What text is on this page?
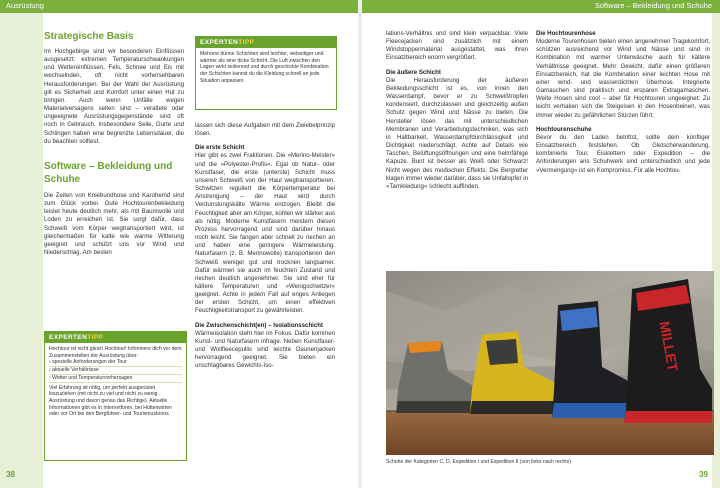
Ausrüstung
Strategische Basis

Im Hochgebirge sind wir besonderen Einflüssen ausgesetzt: extremen Temperaturschwankungen und Wettereinflüssen, Fels, Schnee und Eis mit wechselnden, oft nicht vorhersehbaren Herausforderungen. Bei der Wahl der Ausrüstung gilt es Sicherheit und Komfort unter einen Hut zu bringen. Auch wenn Unfälle wegen Materialversagens selten sind – veraltete oder ungeeignete Ausrüstungsgegenstände sind oft noch in Gebrauch. Insbesondere Seile, Gurte und Schlingen haben eine begrenzte Lebensdauer, die du beachten solltest.

Software – Bekleidung und Schuhe

Die Zeiten von Kniebundhose und Karohemd sind zum Glück vorbei. Gute Hochtourenbekleidung leistet heute deutlich mehr, als mit Baumwolle und Loden zu erreichen ist. Sie sorgt dafür, dass Schweiß vom Körper wegtransportiert wird, ist gleichermaßen für kalte wie warme Witterung geeignet und schützt uns vor Wind und Niederschlag. Am besten

EXPERTENTIPP

Mehrere dünne Schichten sind leichter, vielseitiger und wärmer als eine dicke Schicht. Die Luft zwischen den Lagen wirkt isolierend und durch geschickte Kombination der Schichten kannst du die Kleidung schnell an jede Situation anpassen.

EXPERTENTIPP

Hochtour ist nicht gleich Hochtour! Informiere dich vor dem Zusammenstellen der Ausrüstung über:

› spezielle Anforderungen der Tour

› aktuelle Verhältnisse

› Wetter und Temperaturvorhersagen

Viel Erfahrung ist nötig, um perfekt ausgerüstet loszuziehen (mit nicht zu viel und nicht zu wenig Ausrüstung und davon genau das Richtige). Aktuelle Informationen gibt es in Internetforen, bei Hüttenwirten oder vor Ort bei den Bergführer- und Tourismusbüros.

lassen sich diese Aufgaben mit dem Zwiebelprinzip lösen.

Die erste Schicht

Hier gibt es zwei Fraktionen: Die »Merino-Meister« und die »Polyester-Profis«. Egal ob Natur- oder Kunstfaser, die erste (unterste) Schicht muss unseren Schweiß von der Haut wegtransportieren. Schwitzen reguliert die Körpertemperatur bei Anstrengung – der Haut wird durch Verdunstungskälte Wärme entzogen. Bleibt die Feuchtigkeit aber am Körper, kühlen wir stärker aus als nötig. Moderne Kunstfasern meistern diesen Prozess hervorragend und sind darüber hinaus noch leicht. Sie fangen aber schnell zu riechen an und haben eine geringere Wärmeleistung. Naturfasern (z. B. Merinowolle) transportieren den Schweiß weniger gut und trocknen langsamer. Dafür wärmen sie auch im feuchten Zustand und riechen deutlich angenehmer. Sie sind eher für kältere Temperaturen und »Wenigschwitzer« geeignet. Achte in jedem Fall auf enges Anliegen der ersten Schicht, um einen effektiven Feuchtigkeitstransport zu gewährleisten.

Die Zwischenschicht(en) – Isolationsschicht

Wärmeisolation steht hier im Fokus. Dafür kommen Kunst- und Naturfasern infrage. Neben Kunstfaser- und Wollfleecepullis sind leichte Daunenjacken hervorragend geeignet. Sie bieten ein unschlagbares Gewichts-Iso-

38
Software – Bekleidung und Schuhe

lations-Verhältnis und sind klein verpackbar. Viele Fleecejacken sind zusätzlich mit einem Windstoppermaterial ausgestattet, was ihren Einsatzbereich enorm vergrößert.

Die äußere Schicht

Die Herausforderung der äußeren Bekleidungsschicht ist es, von innen den Wasserdampf, bevor er zu Schweißtropfen kondensiert, durchzulassen und gleichzeitig außen Schutz gegen Wind und Nässe zu bieten. Die Hersteller lösen das mit unterschiedlichen Membranen und Verarbeitungstechniken, was sich in Haltbarkeit, Wasserdampfdurchlässigkeit und Dichtigkeit niederschlägt. Achte auf Details wie Taschen, Belüftungsöffnungen und eine helmfähige Kapuze. Bunt ist besser als Weiß oder Schwarz! Nicht wegen des modischen Effekts: Die Bergretter klagen immer wieder darüber, dass sie Unfallopfer in »Tarnkleidung« schlecht auffinden.

Die Hochtourenhose

Moderne Tourenhosen bieten einen angenehmen Tragekomfort, schützen ausreichend vor Wind und Nässe und sind in Kombination mit warmer Unterwäsche auch für kältere Verhältnisse geeignet. Mehr Gewicht, dafür einen größeren Einsatzbereich, hat die Kombination einer leichten Hose mit einer wind- und wasserdichten Überhose. Integrierte Gamaschen sind praktisch und ersparen Extragamaschen. Weite Hosen sind cool – aber für Hochtouren ungeeignet: Zu leicht verhaken sich die Steigeisen in den Hosenbeinen, was immer wieder zu gefährlichen Stürzen führt.

Hochtourenschuhe

Bevor du den Laden betrittst, sollte dein künftiger Einsatzbereich feststehen. Ob Gletscherwanderung, kombinierte Tour, Eisklettern oder Expedition – die Anforderungen ans Schuhwerk sind unterschiedlich und jede »Vermengung« ist ein Kompromiss. Für alle Hochtou-

MILLET
Schuhe der Kategorien C, D, Expedition I und Expedition II (von links nach rechts)
39
